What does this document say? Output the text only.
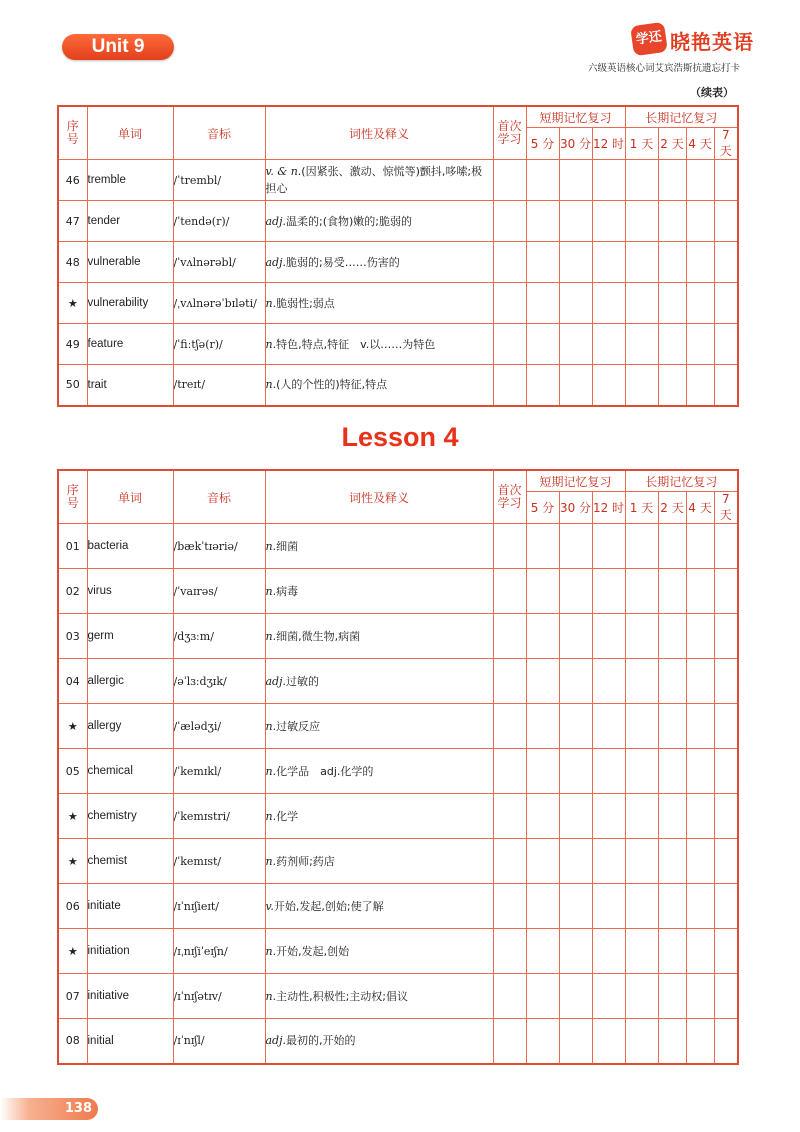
Unit 9	学还 晓艳英语
六级英语核心词艾宾浩斯抗遗忘打卡
（续表）
序
号	单词	音标	词性及释义	首次
学习	短期记忆复习			长期记忆复习			
					5 分	30 分	12 时	1 天	2 天	4 天	7 天
46	tremble	/ˈtrembl/	v. & n.(因紧张、激动、惊慌等)颤抖,哆嗦;极担心								
47	tender	/ˈtendə(r)/	adj.温柔的;(食物)嫩的;脆弱的								
48	vulnerable	/ˈvʌlnərəbl/	adj.脆弱的;易受……伤害的								
★	vulnerability	/ˌvʌlnərəˈbɪləti/	n.脆弱性;弱点								
49	feature	/ˈfiːtʃə(r)/	n.特色,特点,特征　v.以……为特色								
50	trait	/treɪt/	n.(人的个性的)特征,特点								
Lesson 4
序
号	单词	音标	词性及释义	首次
学习	短期记忆复习			长期记忆复习			
					5 分	30 分	12 时	1 天	2 天	4 天	7 天
01	bacteria	/bækˈtɪəriə/	n.细菌								
02	virus	/ˈvaɪrəs/	n.病毒								
03	germ	/dʒɜːm/	n.细菌,微生物,病菌								
04	allergic	/əˈlɜːdʒɪk/	adj.过敏的								
★	allergy	/ˈælədʒi/	n.过敏反应								
05	chemical	/ˈkemɪkl/	n.化学品　adj.化学的								
★	chemistry	/ˈkemɪstri/	n.化学								
★	chemist	/ˈkemɪst/	n.药剂师;药店								
06	initiate	/ɪˈnɪʃieɪt/	v.开始,发起,创始;使了解								
★	initiation	/ɪˌnɪʃiˈeɪʃn/	n.开始,发起,创始								
07	initiative	/ɪˈnɪʃətɪv/	n.主动性,积极性;主动权;倡议								
08	initial	/ɪˈnɪʃl/	adj.最初的,开始的								
138
